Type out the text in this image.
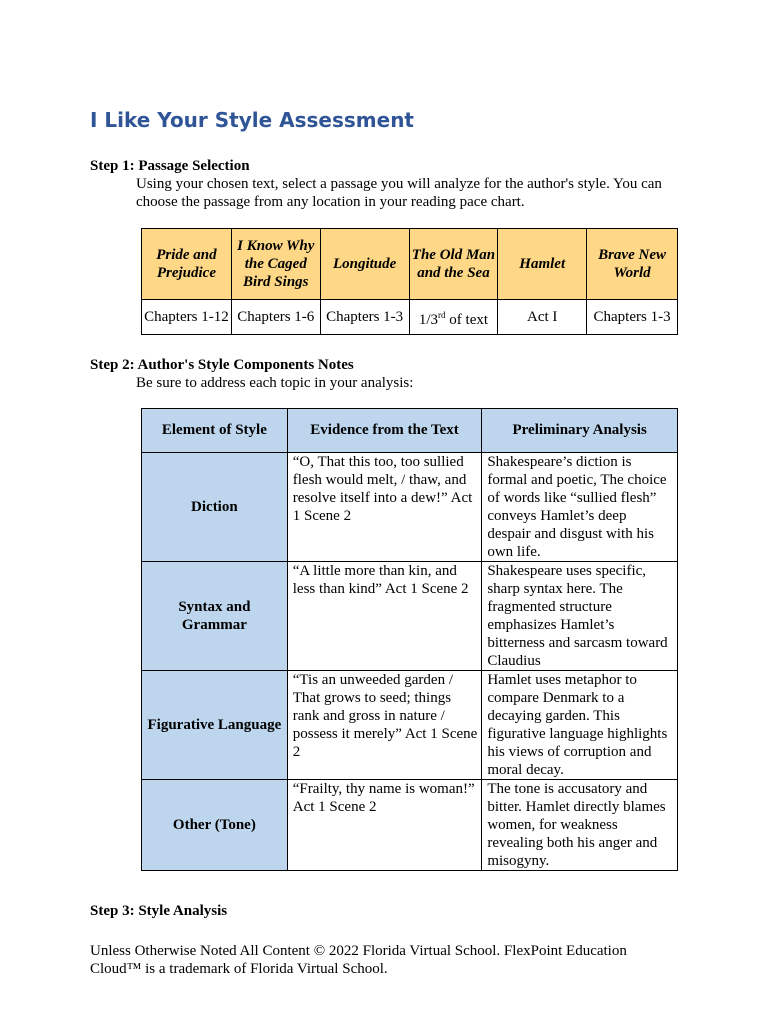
I Like Your Style Assessment

Step 1: Passage Selection

Using your chosen text, select a passage you will analyze for the author's style. You can choose the passage from any location in your reading pace chart.

Pride and Prejudice	I Know Why the Caged Bird Sings	Longitude	The Old Man and the Sea	Hamlet	Brave New World
Chapters 1-12	Chapters 1-6	Chapters 1-3	1/3rd of text	Act I	Chapters 1-3

Step 2: Author's Style Components Notes

Be sure to address each topic in your analysis:

Element of Style	Evidence from the Text	Preliminary Analysis
Diction	“O, That this too, too sullied flesh would melt, / thaw, and resolve itself into a dew!” Act 1 Scene 2	Shakespeare’s diction is formal and poetic, The choice of words like “sullied flesh” conveys Hamlet’s deep despair and disgust with his own life.
Syntax and Grammar	“A little more than kin, and less than kind” Act 1 Scene 2	Shakespeare uses specific, sharp syntax here. The fragmented structure emphasizes Hamlet’s bitterness and sarcasm toward Claudius
Figurative Language	“Tis an unweeded garden / That grows to seed; things rank and gross in nature / possess it merely” Act 1 Scene 2	Hamlet uses metaphor to compare Denmark to a decaying garden. This figurative language highlights his views of corruption and moral decay.
Other (Tone)	“Frailty, thy name is woman!” Act 1 Scene 2	The tone is accusatory and bitter. Hamlet directly blames women, for weakness revealing both his anger and misogyny.

Step 3: Style Analysis

Unless Otherwise Noted All Content © 2022 Florida Virtual School. FlexPoint Education Cloud™ is a trademark of Florida Virtual School.
